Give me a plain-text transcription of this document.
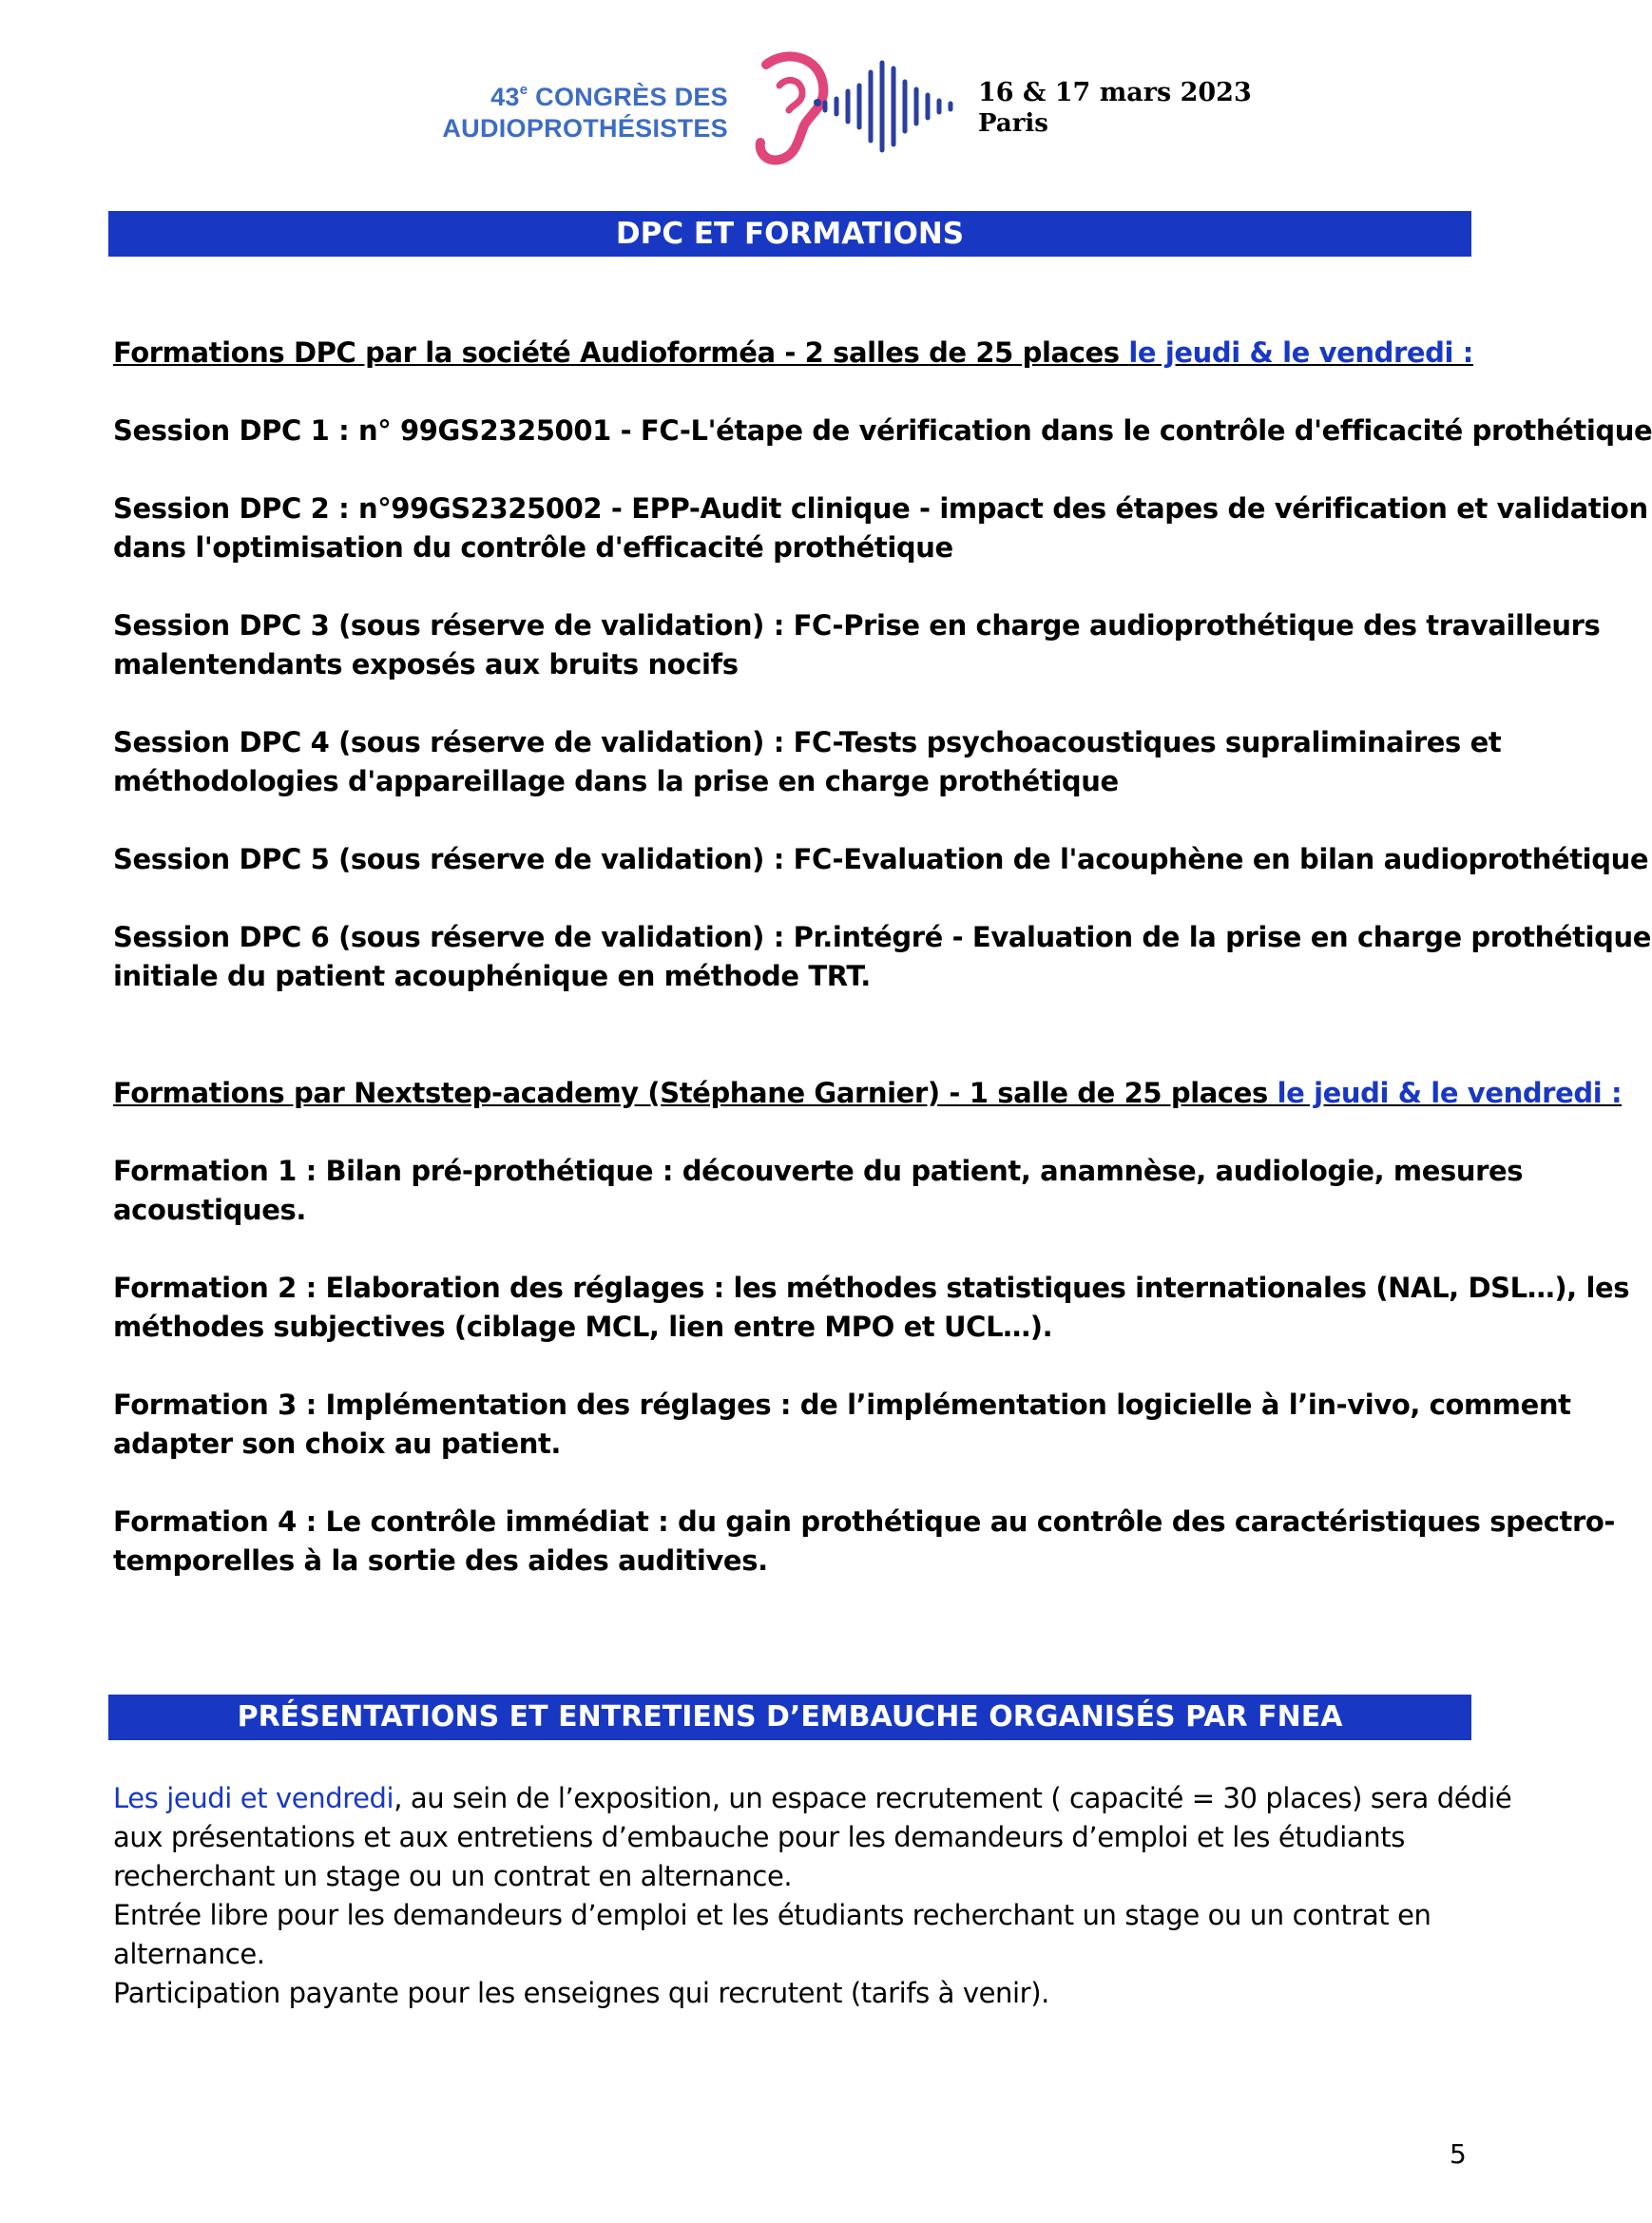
43e CONGRÈS DES
AUDIOPROTHÉSISTES
16 & 17 mars 2023
Paris
DPC ET FORMATIONS
Formations DPC par la société Audioforméa - 2 salles de 25 places le jeudi & le vendredi :
Session DPC 1 : n° 99GS2325001 - FC-L'étape de vérification dans le contrôle d'efficacité prothétique
Session DPC 2 : n°99GS2325002 - EPP-Audit clinique - impact des étapes de vérification et validation
dans l'optimisation du contrôle d'efficacité prothétique
Session DPC 3 (sous réserve de validation) : FC-Prise en charge audioprothétique des travailleurs
malentendants exposés aux bruits nocifs
Session DPC 4 (sous réserve de validation) : FC-Tests psychoacoustiques supraliminaires et
méthodologies d'appareillage dans la prise en charge prothétique
Session DPC 5 (sous réserve de validation) : FC-Evaluation de l'acouphène en bilan audioprothétique
Session DPC 6 (sous réserve de validation) : Pr.intégré - Evaluation de la prise en charge prothétique
initiale du patient acouphénique en méthode TRT.
Formations par Nextstep-academy (Stéphane Garnier) - 1 salle de 25 places le jeudi & le vendredi :
Formation 1 : Bilan pré-prothétique : découverte du patient, anamnèse, audiologie, mesures
acoustiques.
Formation 2 : Elaboration des réglages : les méthodes statistiques internationales (NAL, DSL…), les
méthodes subjectives (ciblage MCL, lien entre MPO et UCL…).
Formation 3 : Implémentation des réglages : de l’implémentation logicielle à l’in-vivo, comment
adapter son choix au patient.
Formation 4 : Le contrôle immédiat : du gain prothétique au contrôle des caractéristiques spectro-
temporelles à la sortie des aides auditives.
PRÉSENTATIONS ET ENTRETIENS D’EMBAUCHE ORGANISÉS PAR FNEA
Les jeudi et vendredi, au sein de l’exposition, un espace recrutement ( capacité = 30 places) sera dédié
aux présentations et aux entretiens d’embauche pour les demandeurs d’emploi et les étudiants
recherchant un stage ou un contrat en alternance.
Entrée libre pour les demandeurs d’emploi et les étudiants recherchant un stage ou un contrat en
alternance.
Participation payante pour les enseignes qui recrutent (tarifs à venir).
5
